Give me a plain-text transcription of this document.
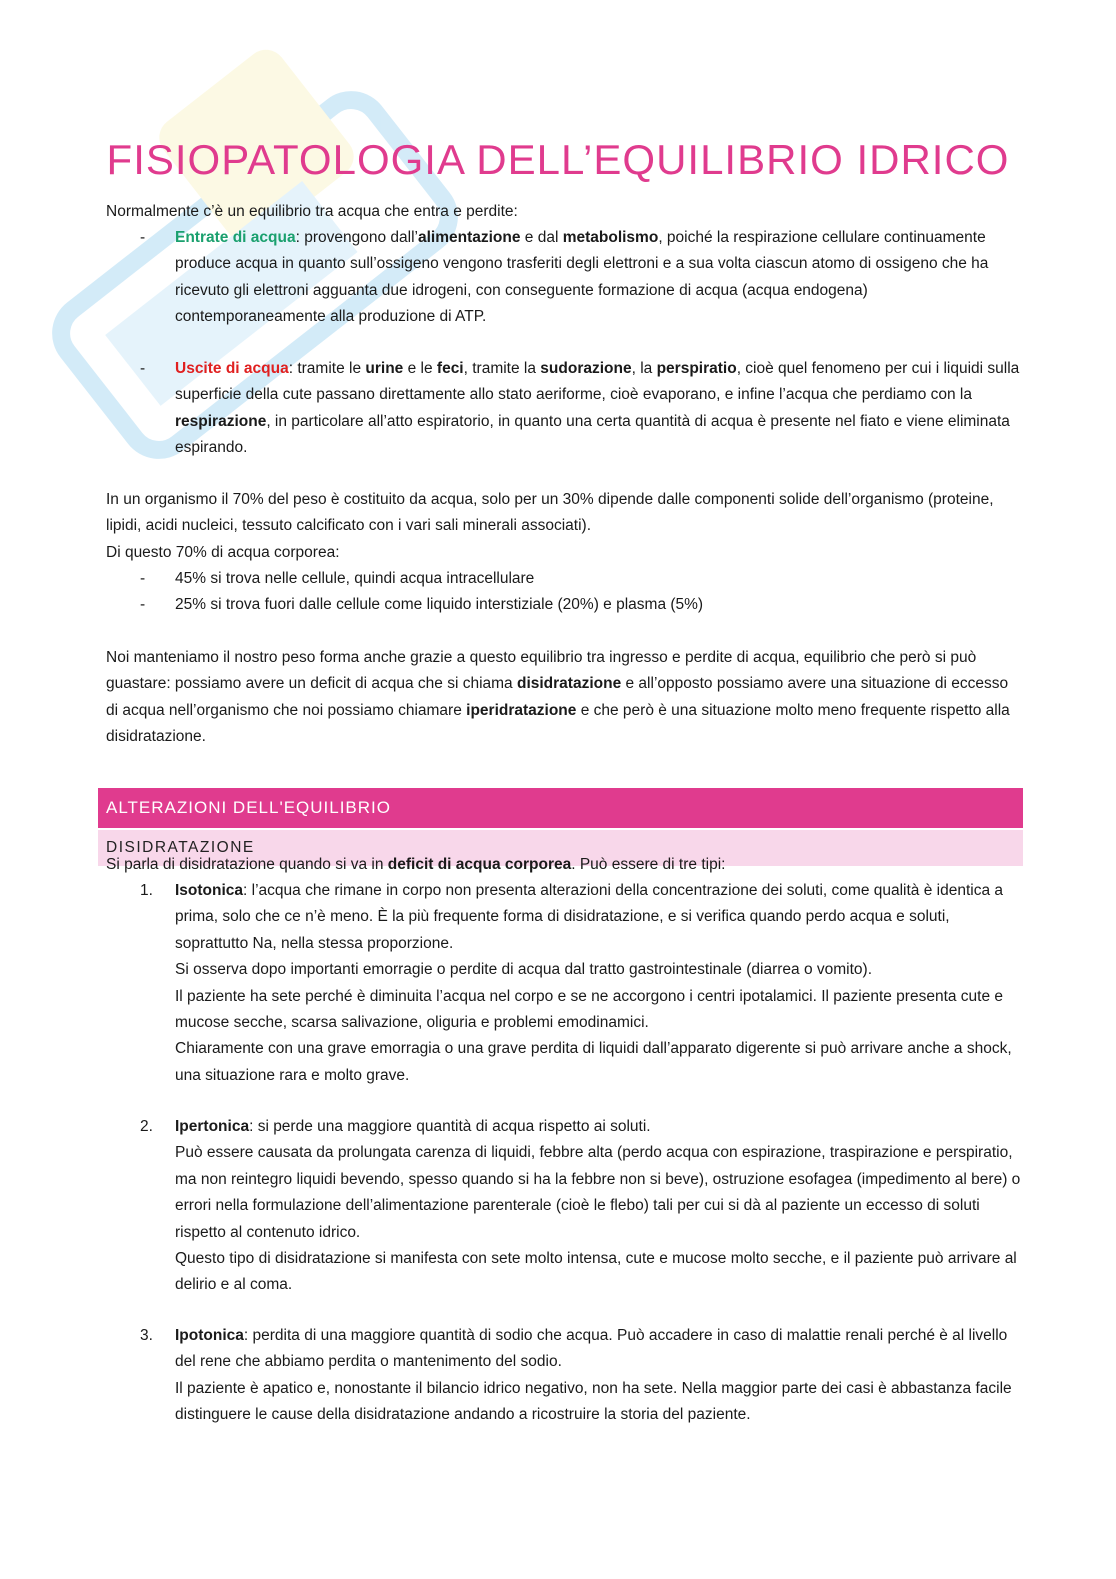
FISIOPATOLOGIA DELL’EQUILIBRIO IDRICO

Normalmente c’è un equilibrio tra acqua che entra e perdite:

- Entrate di acqua: provengono dall’alimentazione e dal metabolismo, poiché la respirazione cellulare continuamente produce acqua in quanto sull’ossigeno vengono trasferiti degli elettroni e a sua volta ciascun atomo di ossigeno che ha ricevuto gli elettroni agguanta due idrogeni, con conseguente formazione di acqua (acqua endogena) contemporaneamente alla produzione di ATP.

- Uscite di acqua: tramite le urine e le feci, tramite la sudorazione, la perspiratio, cioè quel fenomeno per cui i liquidi sulla superficie della cute passano direttamente allo stato aeriforme, cioè evaporano, e infine l’acqua che perdiamo con la respirazione, in particolare all’atto espiratorio, in quanto una certa quantità di acqua è presente nel fiato e viene eliminata espirando.

In un organismo il 70% del peso è costituito da acqua, solo per un 30% dipende dalle componenti solide dell’organismo (proteine, lipidi, acidi nucleici, tessuto calcificato con i vari sali minerali associati).

Di questo 70% di acqua corporea:

- 45% si trova nelle cellule, quindi acqua intracellulare

- 25% si trova fuori dalle cellule come liquido interstiziale (20%) e plasma (5%)

Noi manteniamo il nostro peso forma anche grazie a questo equilibrio tra ingresso e perdite di acqua, equilibrio che però si può guastare: possiamo avere un deficit di acqua che si chiama disidratazione e all’opposto possiamo avere una situazione di eccesso di acqua nell’organismo che noi possiamo chiamare iperidratazione e che però è una situazione molto meno frequente rispetto alla disidratazione.

ALTERAZIONI DELL'EQUILIBRIO
DISIDRATAZIONE

Si parla di disidratazione quando si va in deficit di acqua corporea. Può essere di tre tipi:

1. Isotonica: l’acqua che rimane in corpo non presenta alterazioni della concentrazione dei soluti, come qualità è identica a prima, solo che ce n’è meno. È la più frequente forma di disidratazione, e si verifica quando perdo acqua e soluti, soprattutto Na, nella stessa proporzione.
Si osserva dopo importanti emorragie o perdite di acqua dal tratto gastrointestinale (diarrea o vomito).
Il paziente ha sete perché è diminuita l’acqua nel corpo e se ne accorgono i centri ipotalamici. Il paziente presenta cute e mucose secche, scarsa salivazione, oliguria e problemi emodinamici.
Chiaramente con una grave emorragia o una grave perdita di liquidi dall’apparato digerente si può arrivare anche a shock, una situazione rara e molto grave.

2. Ipertonica: si perde una maggiore quantità di acqua rispetto ai soluti.
Può essere causata da prolungata carenza di liquidi, febbre alta (perdo acqua con espirazione, traspirazione e perspiratio, ma non reintegro liquidi bevendo, spesso quando si ha la febbre non si beve), ostruzione esofagea (impedimento al bere) o errori nella formulazione dell’alimentazione parenterale (cioè le flebo) tali per cui si dà al paziente un eccesso di soluti rispetto al contenuto idrico.
Questo tipo di disidratazione si manifesta con sete molto intensa, cute e mucose molto secche, e il paziente può arrivare al delirio e al coma.

3. Ipotonica: perdita di una maggiore quantità di sodio che acqua. Può accadere in caso di malattie renali perché è al livello del rene che abbiamo perdita o mantenimento del sodio.
Il paziente è apatico e, nonostante il bilancio idrico negativo, non ha sete. Nella maggior parte dei casi è abbastanza facile distinguere le cause della disidratazione andando a ricostruire la storia del paziente.
